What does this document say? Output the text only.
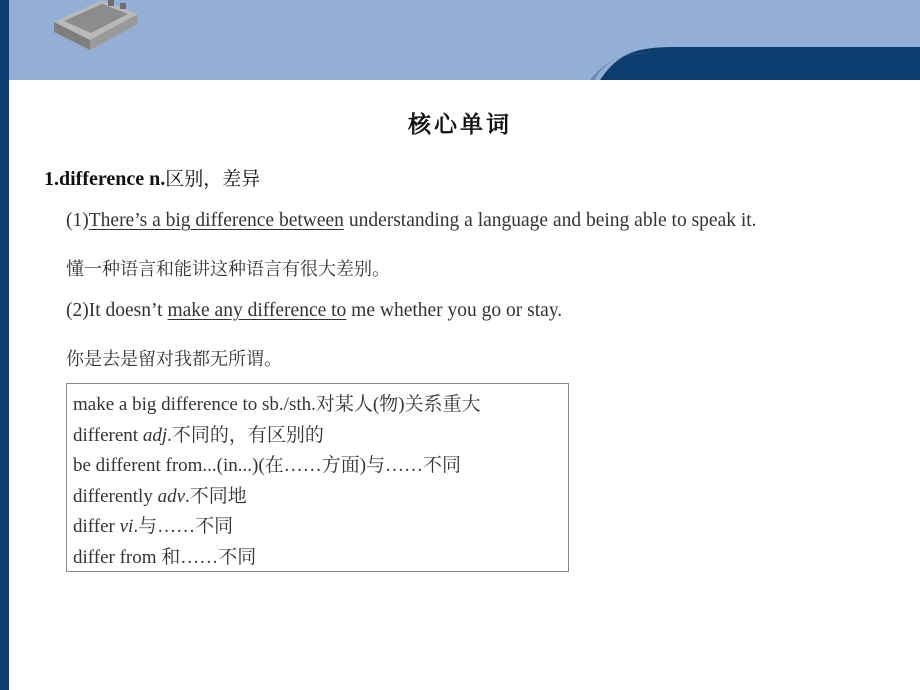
核心单词
1.difference n.区别，差异
(1)There’s a big difference between understanding a language and being able to speak it.
懂一种语言和能讲这种语言有很大差别。
(2)It doesn’t make any difference to me whether you go or stay.
你是去是留对我都无所谓。
make a big difference to sb./sth.对某人(物)关系重大
different adj.不同的，有区别的
be different from...(in...)(在……方面)与……不同
differently adv.不同地
differ vi.与……不同
differ from 和……不同
